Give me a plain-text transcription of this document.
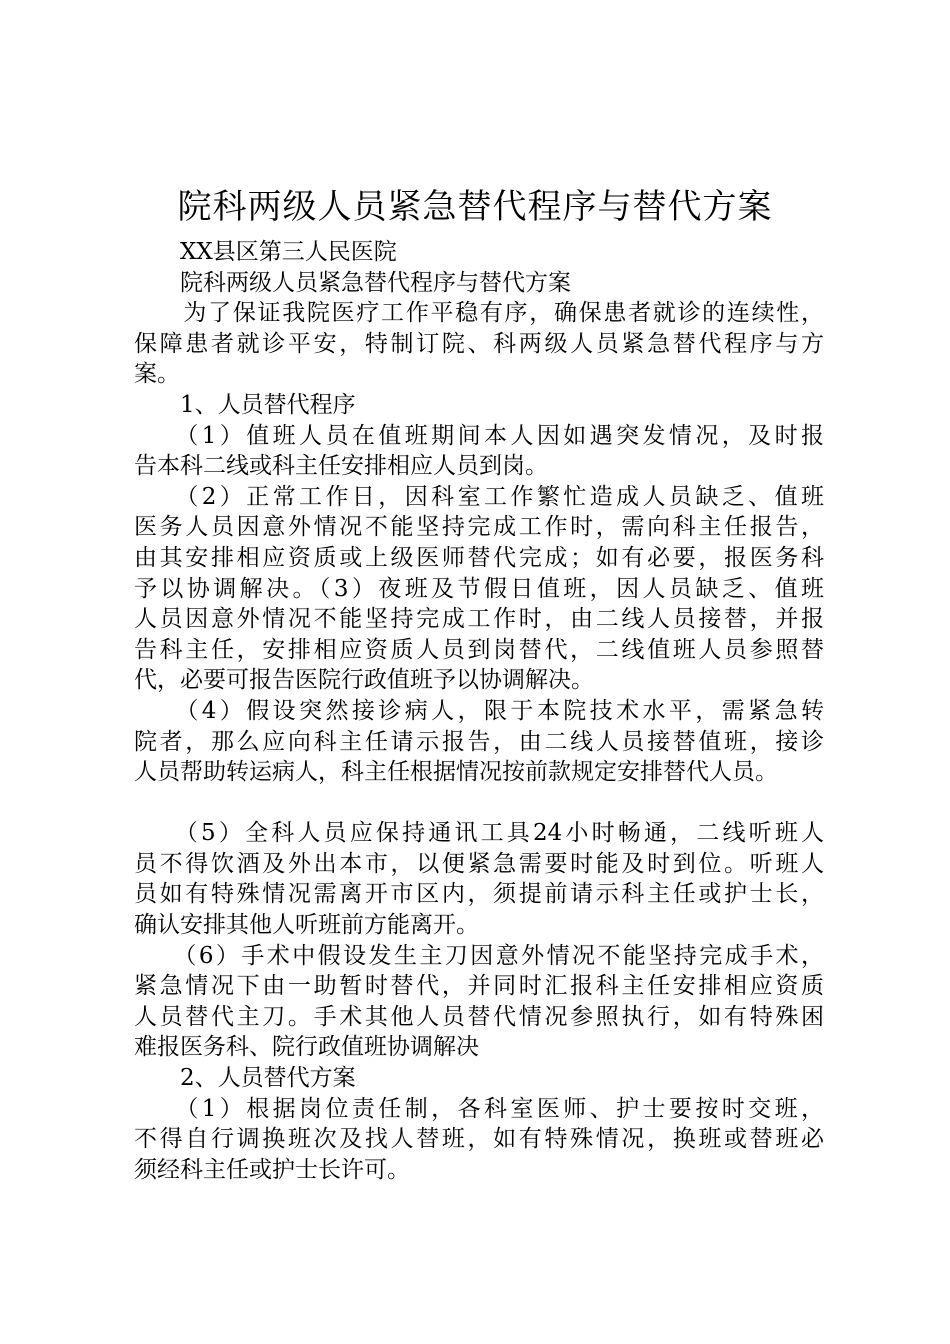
院科两级人员紧急替代程序与替代方案
　　XX县区第三人民医院
　　院科两级人员紧急替代程序与替代方案
　　为了保证我院医疗工作平稳有序，确保患者就诊的连续性，
保障患者就诊平安，特制订院、科两级人员紧急替代程序与方
案。
　　1、人员替代程序
　　（1）值班人员在值班期间本人因如遇突发情况，及时报
告本科二线或科主任安排相应人员到岗。
　　（2）正常工作日，因科室工作繁忙造成人员缺乏、值班
医务人员因意外情况不能坚持完成工作时，需向科主任报告，
由其安排相应资质或上级医师替代完成；如有必要，报医务科
予以协调解决。（3）夜班及节假日值班，因人员缺乏、值班
人员因意外情况不能坚持完成工作时，由二线人员接替，并报
告科主任，安排相应资质人员到岗替代，二线值班人员参照替
代，必要可报告医院行政值班予以协调解决。
　　（4）假设突然接诊病人，限于本院技术水平，需紧急转
院者，那么应向科主任请示报告，由二线人员接替值班，接诊
人员帮助转运病人，科主任根据情况按前款规定安排替代人员。
　　（5）全科人员应保持通讯工具24小时畅通，二线听班人
员不得饮酒及外出本市，以便紧急需要时能及时到位。听班人
员如有特殊情况需离开市区内，须提前请示科主任或护士长，
确认安排其他人听班前方能离开。
　　（6）手术中假设发生主刀因意外情况不能坚持完成手术，
紧急情况下由一助暂时替代，并同时汇报科主任安排相应资质
人员替代主刀。手术其他人员替代情况参照执行，如有特殊困
难报医务科、院行政值班协调解决
　　2、人员替代方案
　　（1）根据岗位责任制，各科室医师、护士要按时交班，
不得自行调换班次及找人替班，如有特殊情况，换班或替班必
须经科主任或护士长许可。
